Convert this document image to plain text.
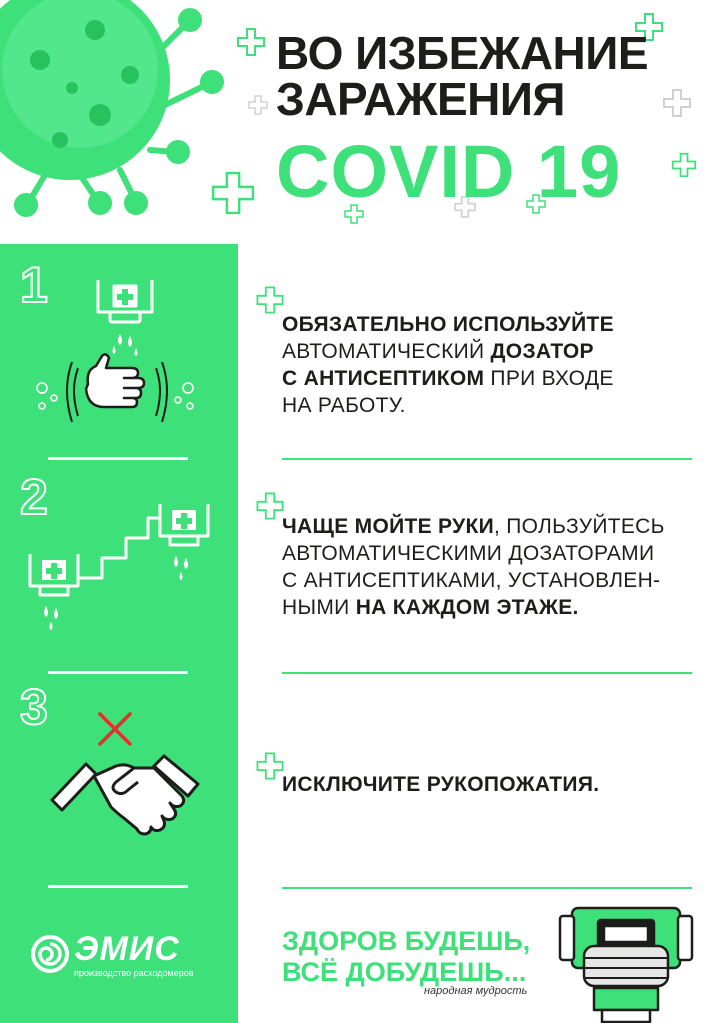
ВО ИЗБЕЖАНИЕ
ЗАРАЖЕНИЯ
COVID 19
1
2
3
ЭМИС
производство расходомеров
ОБЯЗАТЕЛЬНО ИСПОЛЬЗУЙТЕ
АВТОМАТИЧЕСКИЙ ДОЗАТОР
С АНТИСЕПТИКОМ ПРИ ВХОДЕ
НА РАБОТУ.
ЧАЩЕ МОЙТЕ РУКИ, ПОЛЬЗУЙТЕСЬ
АВТОМАТИЧЕСКИМИ ДОЗАТОРАМИ
С АНТИСЕПТИКАМИ, УСТАНОВЛЕН-
НЫМИ НА КАЖДОМ ЭТАЖЕ.
ИСКЛЮЧИТЕ РУКОПОЖАТИЯ.
ЗДОРОВ БУДЕШЬ,
ВСЁ ДОБУДЕШЬ...
народная мудрость
